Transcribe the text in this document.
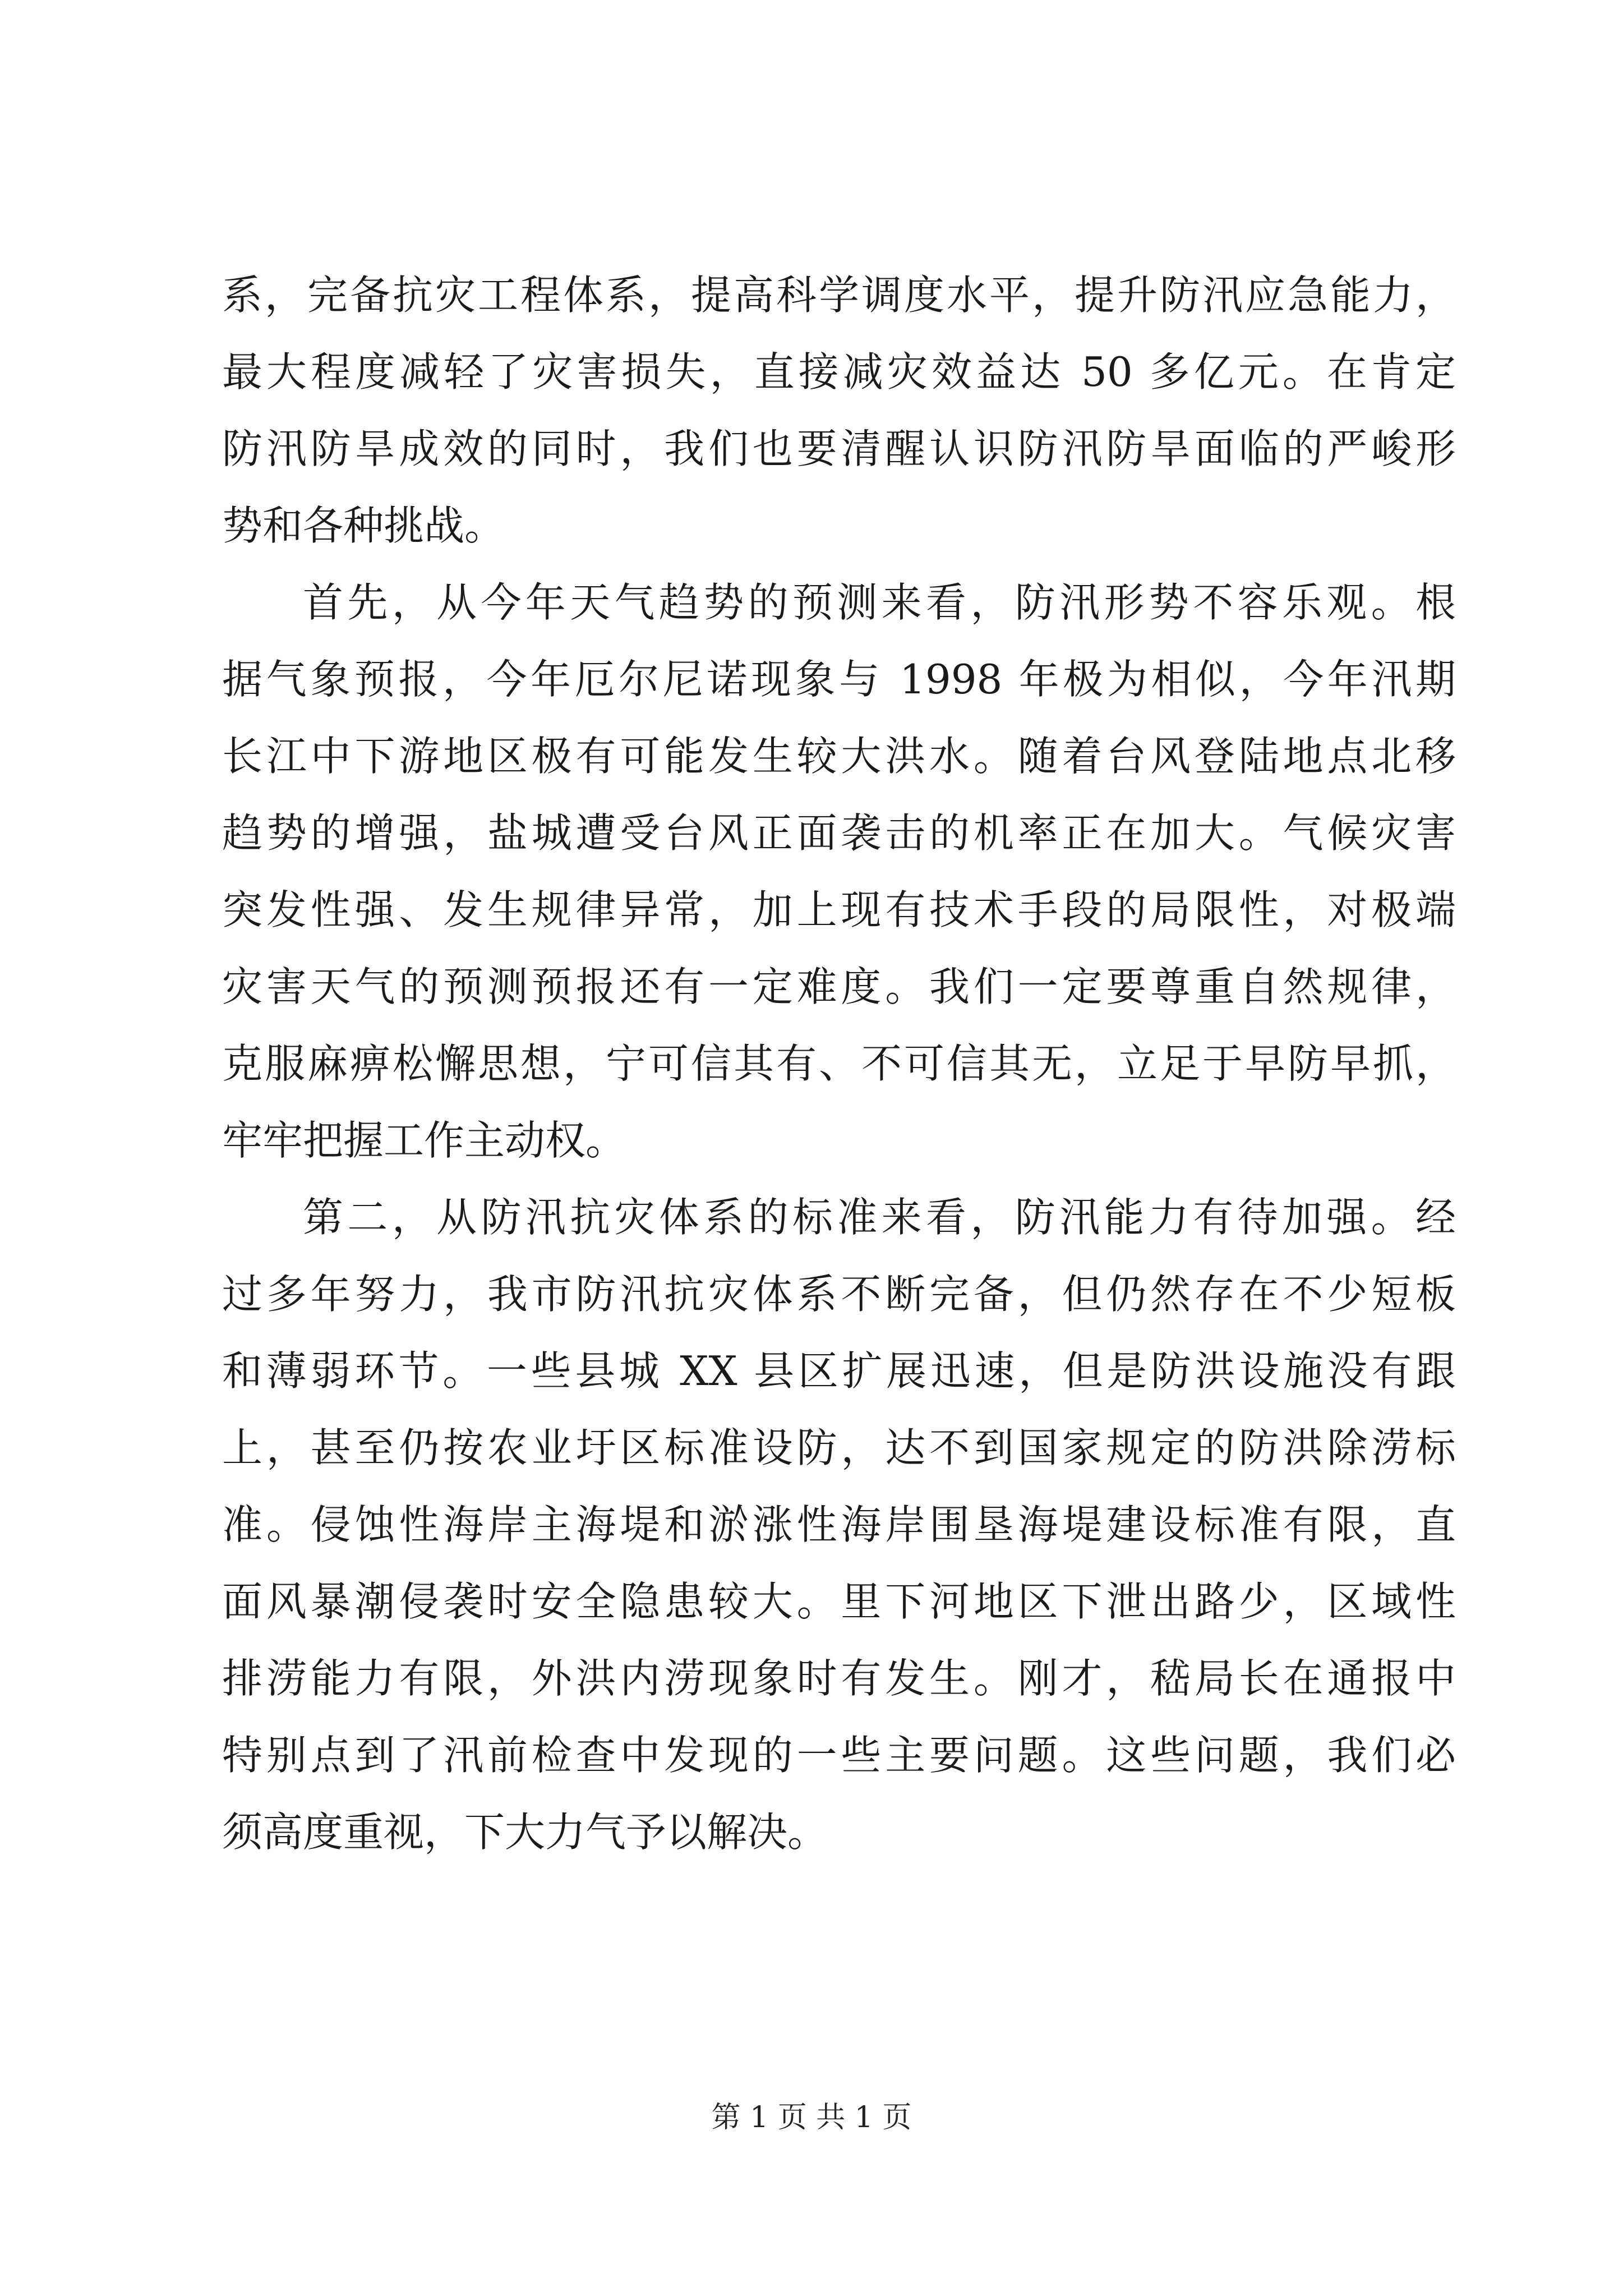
系，完备抗灾工程体系，提高科学调度水平，提升防汛应急能力，
最大程度减轻了灾害损失，直接减灾效益达 50 多亿元。在肯定
防汛防旱成效的同时，我们也要清醒认识防汛防旱面临的严峻形
势和各种挑战。
首先，从今年天气趋势的预测来看，防汛形势不容乐观。根
据气象预报，今年厄尔尼诺现象与 1998 年极为相似，今年汛期
长江中下游地区极有可能发生较大洪水。随着台风登陆地点北移
趋势的增强，盐城遭受台风正面袭击的机率正在加大。气候灾害
突发性强、发生规律异常，加上现有技术手段的局限性，对极端
灾害天气的预测预报还有一定难度。我们一定要尊重自然规律，
克服麻痹松懈思想，宁可信其有、不可信其无，立足于早防早抓，
牢牢把握工作主动权。
第二，从防汛抗灾体系的标准来看，防汛能力有待加强。经
过多年努力，我市防汛抗灾体系不断完备，但仍然存在不少短板
和薄弱环节。一些县城 XX 县区扩展迅速，但是防洪设施没有跟
上，甚至仍按农业圩区标准设防，达不到国家规定的防洪除涝标
准。侵蚀性海岸主海堤和淤涨性海岸围垦海堤建设标准有限，直
面风暴潮侵袭时安全隐患较大。里下河地区下泄出路少，区域性
排涝能力有限，外洪内涝现象时有发生。刚才，嵇局长在通报中
特别点到了汛前检查中发现的一些主要问题。这些问题，我们必
须高度重视，下大力气予以解决。
第 1 页 共 1 页
